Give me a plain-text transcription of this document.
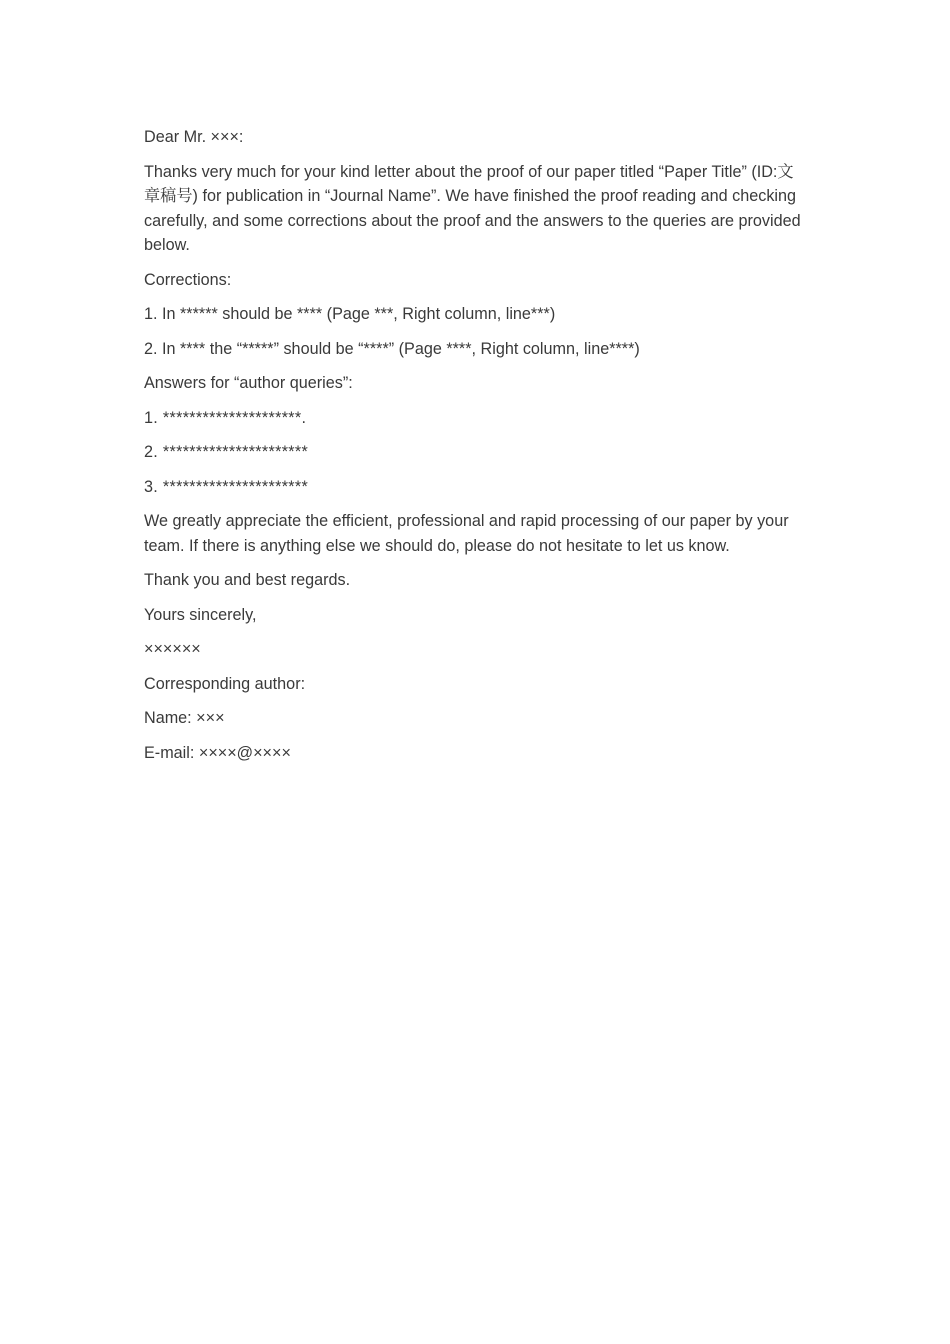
Dear Mr. ×××:

Thanks very much for your kind letter about the proof of our paper titled “Paper Title” (ID:文章稿号) for publication in “Journal Name”. We have finished the proof reading and checking carefully, and some corrections about the proof and the answers to the queries are provided below.

Corrections:

1. In ****** should be **** (Page ***, Right column, line***)

2. In **** the “*****” should be “****” (Page ****, Right column, line****)

Answers for “author queries”:

1. *********************.

2. **********************

3. **********************

We greatly appreciate the efficient, professional and rapid processing of our paper by your team. If there is anything else we should do, please do not hesitate to let us know.

Thank you and best regards.

Yours sincerely,

××××××

Corresponding author:

Name: ×××

E-mail: ××××@××××
